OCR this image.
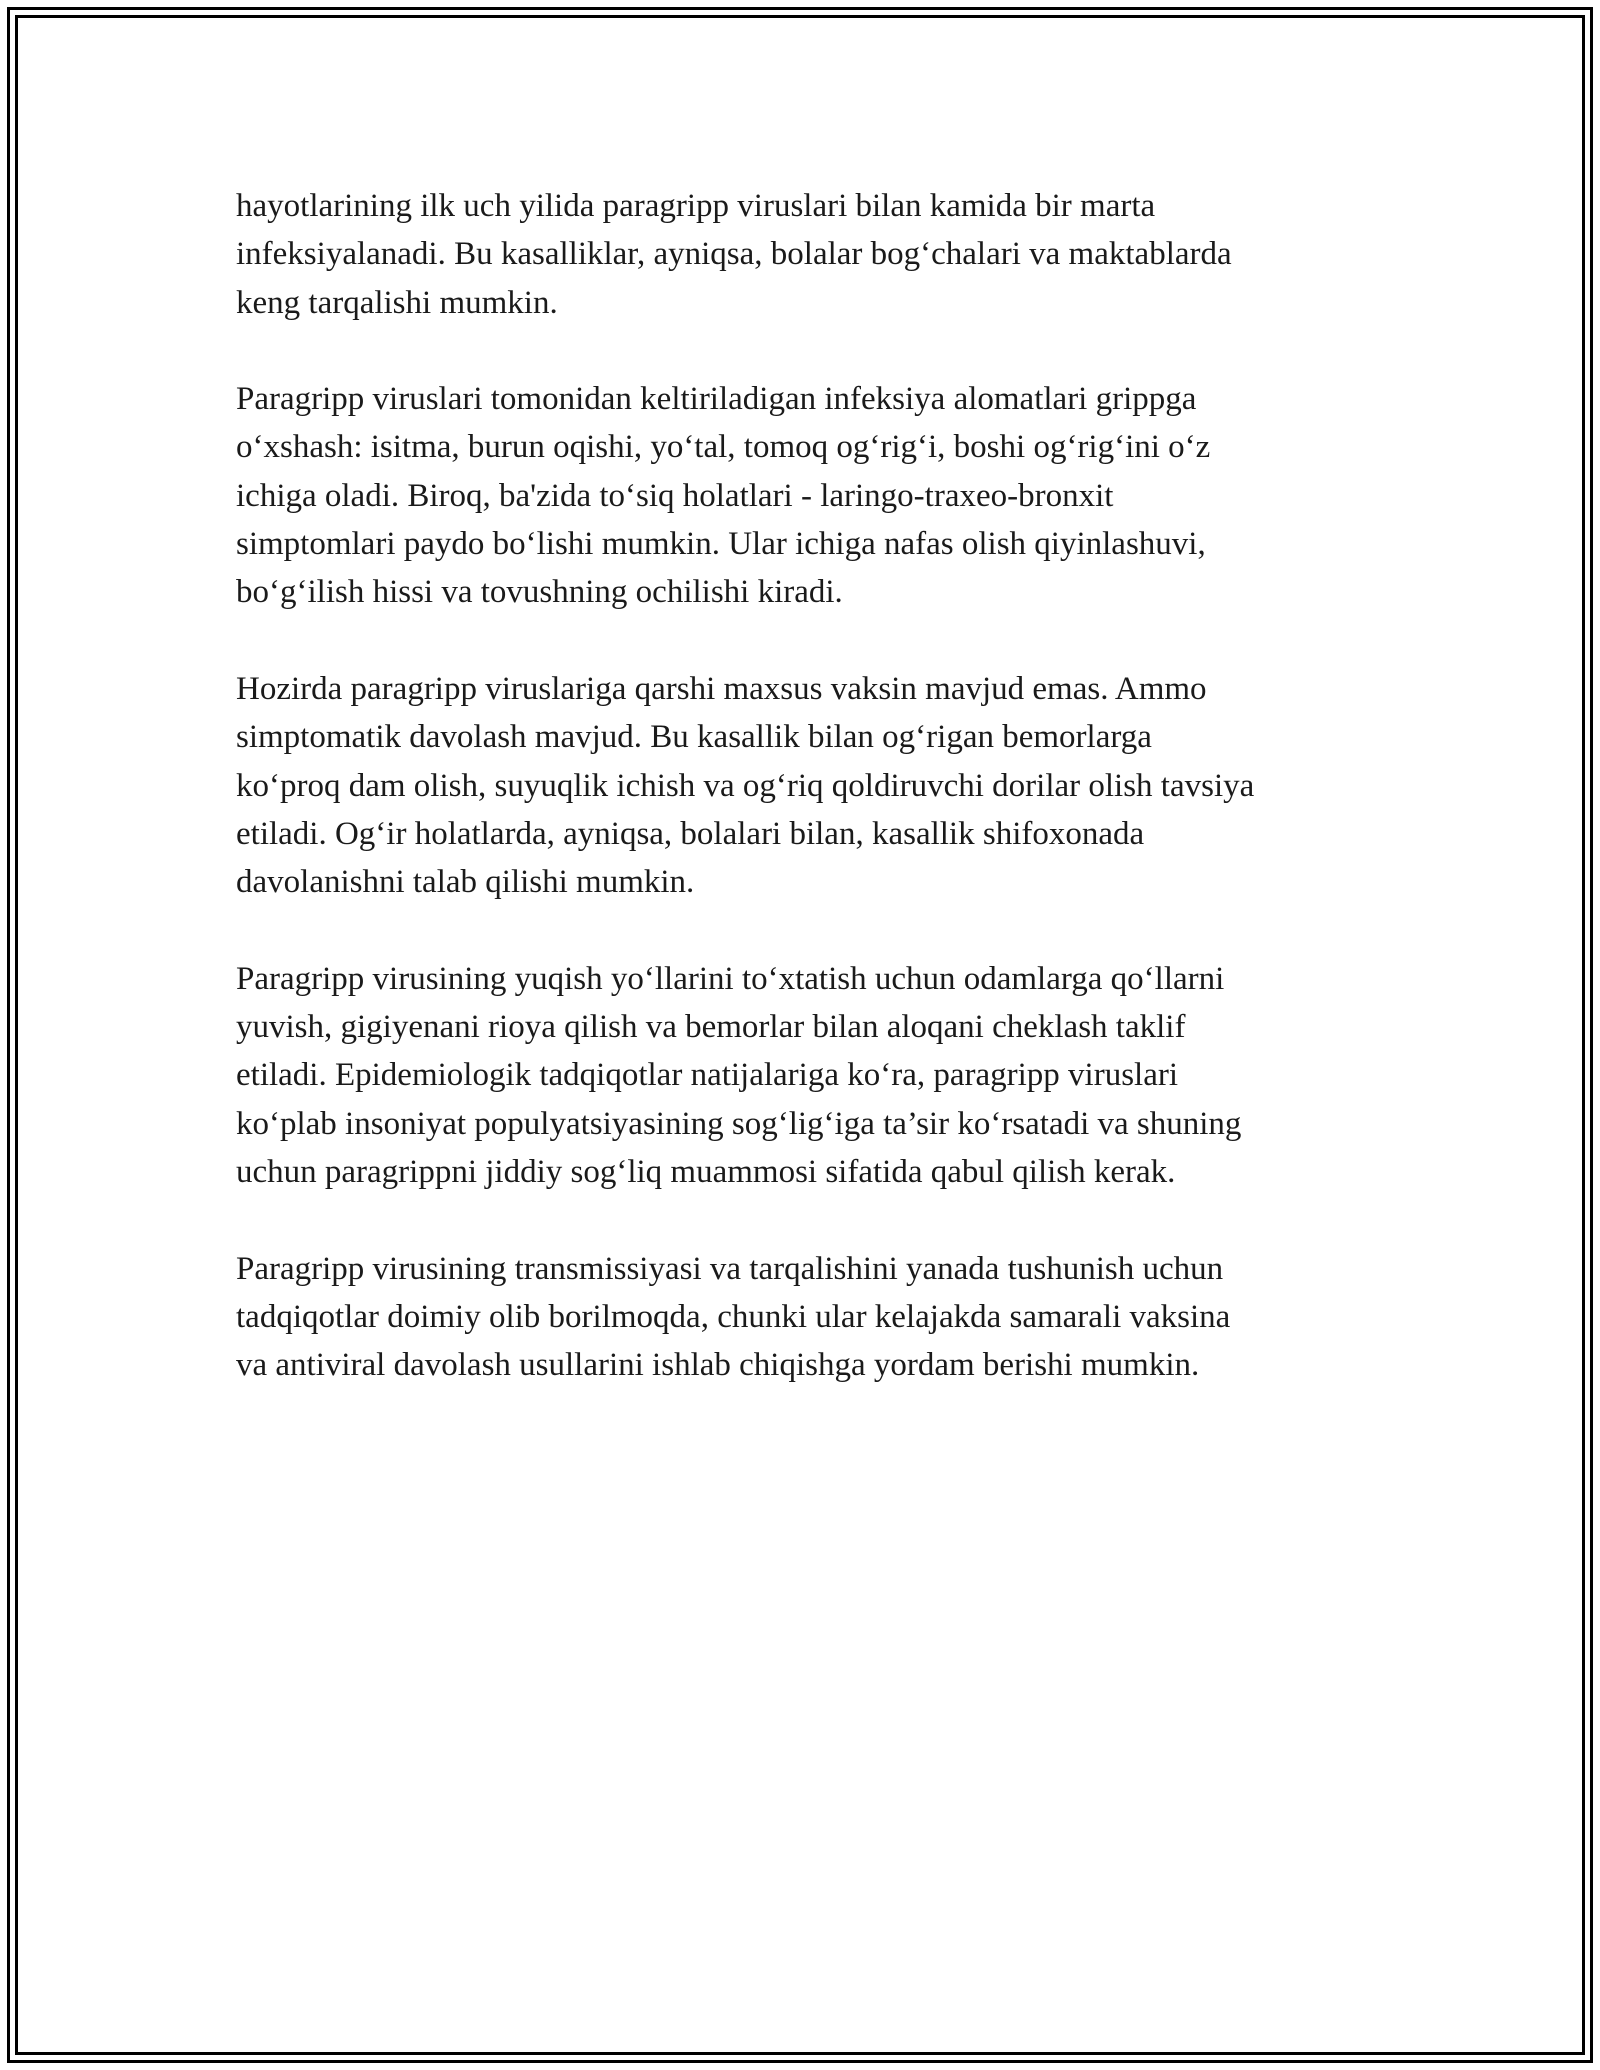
hayotlarining ilk uch yilida paragripp viruslari bilan kamida bir marta
infeksiyalanadi. Bu kasalliklar, ayniqsa, bolalar bog‘chalari va maktablarda
keng tarqalishi mumkin.

Paragripp viruslari tomonidan keltiriladigan infeksiya alomatlari grippga
o‘xshash: isitma, burun oqishi, yo‘tal, tomoq og‘rig‘i, boshi og‘rig‘ini o‘z
ichiga oladi. Biroq, ba'zida to‘siq holatlari - laringo-traxeo-bronxit
simptomlari paydo bo‘lishi mumkin. Ular ichiga nafas olish qiyinlashuvi,
bo‘g‘ilish hissi va tovushning ochilishi kiradi.

Hozirda paragripp viruslariga qarshi maxsus vaksin mavjud emas. Ammo
simptomatik davolash mavjud. Bu kasallik bilan og‘rigan bemorlarga
ko‘proq dam olish, suyuqlik ichish va og‘riq qoldiruvchi dorilar olish tavsiya
etiladi. Og‘ir holatlarda, ayniqsa, bolalari bilan, kasallik shifoxonada
davolanishni talab qilishi mumkin.

Paragripp virusining yuqish yo‘llarini to‘xtatish uchun odamlarga qo‘llarni
yuvish, gigiyenani rioya qilish va bemorlar bilan aloqani cheklash taklif
etiladi. Epidemiologik tadqiqotlar natijalariga ko‘ra, paragripp viruslari
ko‘plab insoniyat populyatsiyasining sog‘lig‘iga ta’sir ko‘rsatadi va shuning
uchun paragrippni jiddiy sog‘liq muammosi sifatida qabul qilish kerak.

Paragripp virusining transmissiyasi va tarqalishini yanada tushunish uchun
tadqiqotlar doimiy olib borilmoqda, chunki ular kelajakda samarali vaksina
va antiviral davolash usullarini ishlab chiqishga yordam berishi mumkin.
